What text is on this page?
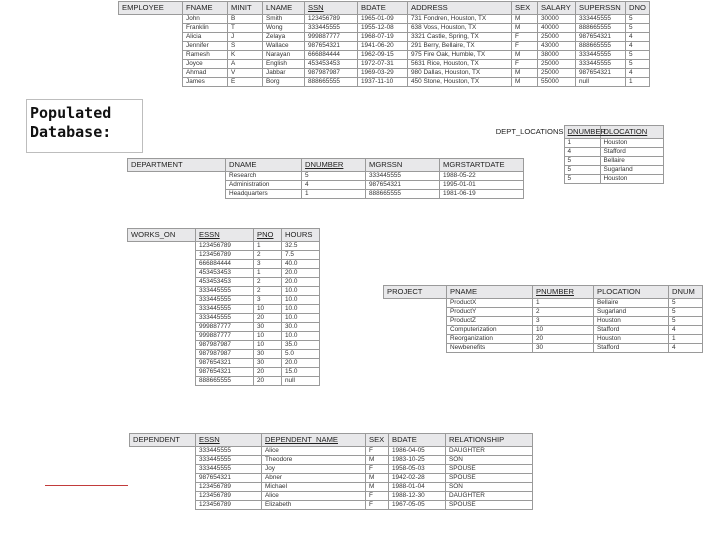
Populated
Database:
EMPLOYEE	FNAME	MINIT	LNAME	SSN	BDATE	ADDRESS	SEX	SALARY	SUPERSSN	DNO
	John	B	Smith	123456789	1965-01-09	731 Fondren, Houston, TX	M	30000	333445555	5
	Franklin	T	Wong	333445555	1955-12-08	638 Voss, Houston, TX	M	40000	888665555	5
	Alicia	J	Zelaya	999887777	1968-07-19	3321 Castle, Spring, TX	F	25000	987654321	4
	Jennifer	S	Wallace	987654321	1941-06-20	291 Berry, Bellaire, TX	F	43000	888665555	4
	Ramesh	K	Narayan	666884444	1962-09-15	975 Fire Oak, Humble, TX	M	38000	333445555	5
	Joyce	A	English	453453453	1972-07-31	5631 Rice, Houston, TX	F	25000	333445555	5
	Ahmad	V	Jabbar	987987987	1969-03-29	980 Dallas, Houston, TX	M	25000	987654321	4
	James	E	Borg	888665555	1937-11-10	450 Stone, Houston, TX	M	55000	null	1
DEPT_LOCATIONS	DNUMBER	DLOCATION
	1	Houston
	4	Stafford
	5	Bellaire
	5	Sugarland
	5	Houston
DEPARTMENT	DNAME	DNUMBER	MGRSSN	MGRSTARTDATE
	Research	5	333445555	1988-05-22
	Administration	4	987654321	1995-01-01
	Headquarters	1	888665555	1981-06-19
WORKS_ON	ESSN	PNO	HOURS
	123456789	1	32.5
	123456789	2	7.5
	666884444	3	40.0
	453453453	1	20.0
	453453453	2	20.0
	333445555	2	10.0
	333445555	3	10.0
	333445555	10	10.0
	333445555	20	10.0
	999887777	30	30.0
	999887777	10	10.0
	987987987	10	35.0
	987987987	30	5.0
	987654321	30	20.0
	987654321	20	15.0
	888665555	20	null
PROJECT	PNAME	PNUMBER	PLOCATION	DNUM
	ProductX	1	Bellaire	5
	ProductY	2	Sugarland	5
	ProductZ	3	Houston	5
	Computerization	10	Stafford	4
	Reorganization	20	Houston	1
	Newbenefits	30	Stafford	4
DEPENDENT	ESSN	DEPENDENT_NAME	SEX	BDATE	RELATIONSHIP
	333445555	Alice	F	1986-04-05	DAUGHTER
	333445555	Theodore	M	1983-10-25	SON
	333445555	Joy	F	1958-05-03	SPOUSE
	987654321	Abner	M	1942-02-28	SPOUSE
	123456789	Michael	M	1988-01-04	SON
	123456789	Alice	F	1988-12-30	DAUGHTER
	123456789	Elizabeth	F	1967-05-05	SPOUSE
